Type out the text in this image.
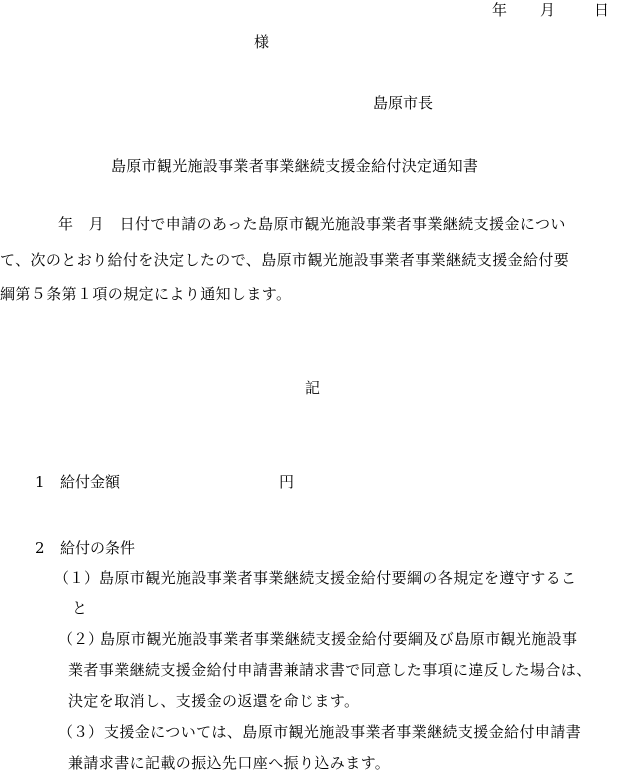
年 月	日
様
島原市長
島原市観光施設事業者事業継続支援金給付決定通知書
年　月　日付で申請のあった島原市観光施設事業者事業継続支援金につい
て、次のとおり給付を決定したので、島原市観光施設事業者事業継続支援金給付要
綱第５条第１項の規定により通知します。
記
1 給付金額	円
2 給付の条件
（１） 島原市観光施設事業者事業継続支援金給付要綱の各規定を遵守するこ
と
（２）
島原市観光施設事業者事業継続支援金給付要綱及び島原市観光施設事
業者事業継続支援金給付申請書兼請求書で同意した事項に違反した場合は、
決定を取消し、支援金の返還を命じます。
（３） 支援金については、島原市観光施設事業者事業継続支援金給付申請書
兼請求書に記載の振込先口座へ振り込みます。
